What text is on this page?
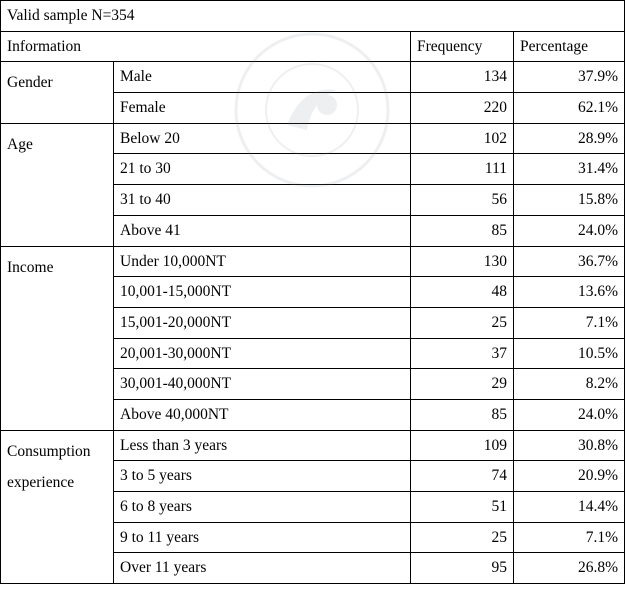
Valid sample N=354			
Information		Frequency	Percentage

Gender	Male	134	37.9%
	Female	220	62.1%

Age	Below 20	102	28.9%
	21 to 30	111	31.4%
	31 to 40	56	15.8%
	Above 41	85	24.0%

Income	Under 10,000NT	130	36.7%
	10,001-15,000NT	48	13.6%
	15,001-20,000NT	25	7.1%
	20,001-30,000NT	37	10.5%
	30,001-40,000NT	29	8.2%
	Above 40,000NT	85	24.0%

Consumption
experience	Less than 3 years	109	30.8%
	3 to 5 years	74	20.9%
	6 to 8 years	51	14.4%
	9 to 11 years	25	7.1%
	Over 11 years	95	26.8%
